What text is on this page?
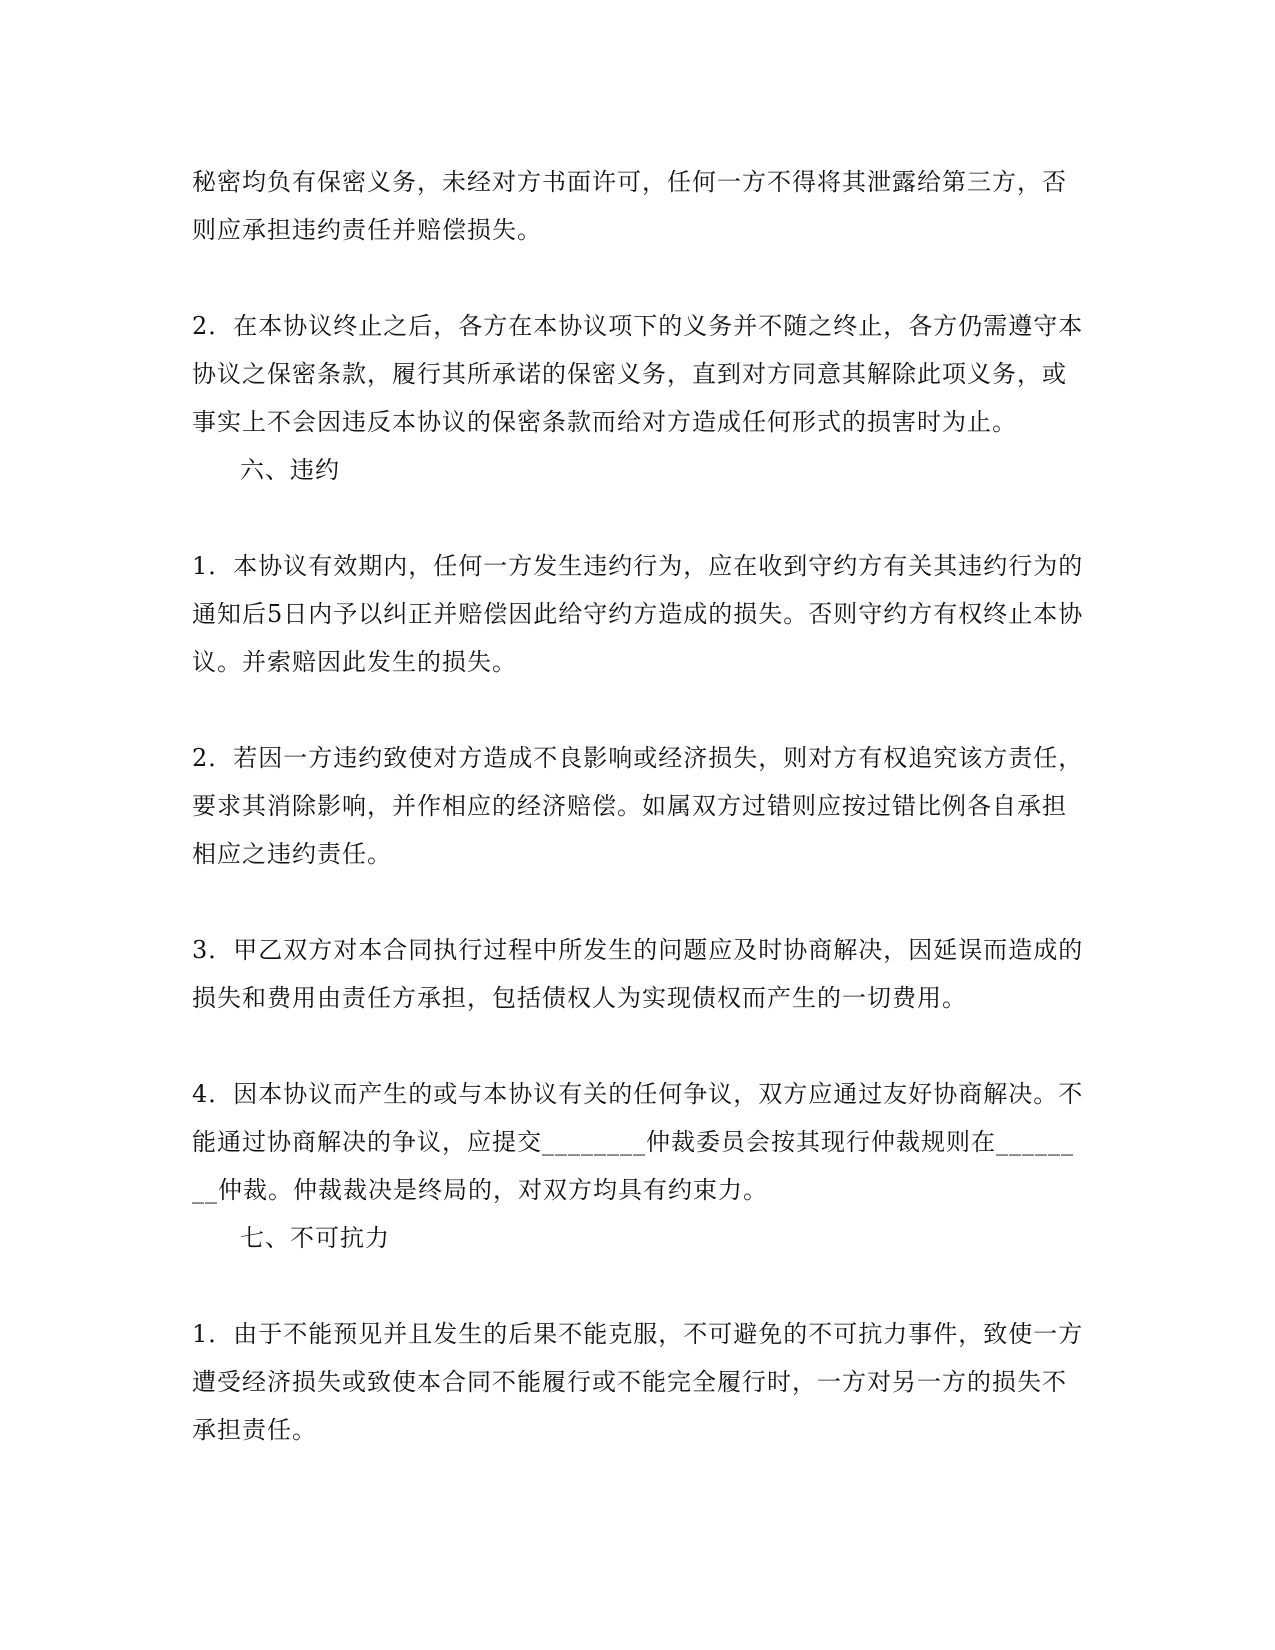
秘密均负有保密义务，未经对方书面许可，任何一方不得将其泄露给第三方，否则应承担违约责任并赔偿损失。

2．在本协议终止之后，各方在本协议项下的义务并不随之终止，各方仍需遵守本协议之保密条款，履行其所承诺的保密义务，直到对方同意其解除此项义务，或事实上不会因违反本协议的保密条款而给对方造成任何形式的损害时为止。

六、违约

1．本协议有效期内，任何一方发生违约行为，应在收到守约方有关其违约行为的通知后5日内予以纠正并赔偿因此给守约方造成的损失。否则守约方有权终止本协议。并索赔因此发生的损失。

2．若因一方违约致使对方造成不良影响或经济损失，则对方有权追究该方责任，要求其消除影响，并作相应的经济赔偿。如属双方过错则应按过错比例各自承担相应之违约责任。

3．甲乙双方对本合同执行过程中所发生的问题应及时协商解决，因延误而造成的损失和费用由责任方承担，包括债权人为实现债权而产生的一切费用。

4．因本协议而产生的或与本协议有关的任何争议，双方应通过友好协商解决。不能通过协商解决的争议，应提交________仲裁委员会按其现行仲裁规则在________仲裁。仲裁裁决是终局的，对双方均具有约束力。

七、不可抗力

1．由于不能预见并且发生的后果不能克服，不可避免的不可抗力事件，致使一方遭受经济损失或致使本合同不能履行或不能完全履行时，一方对另一方的损失不承担责任。
